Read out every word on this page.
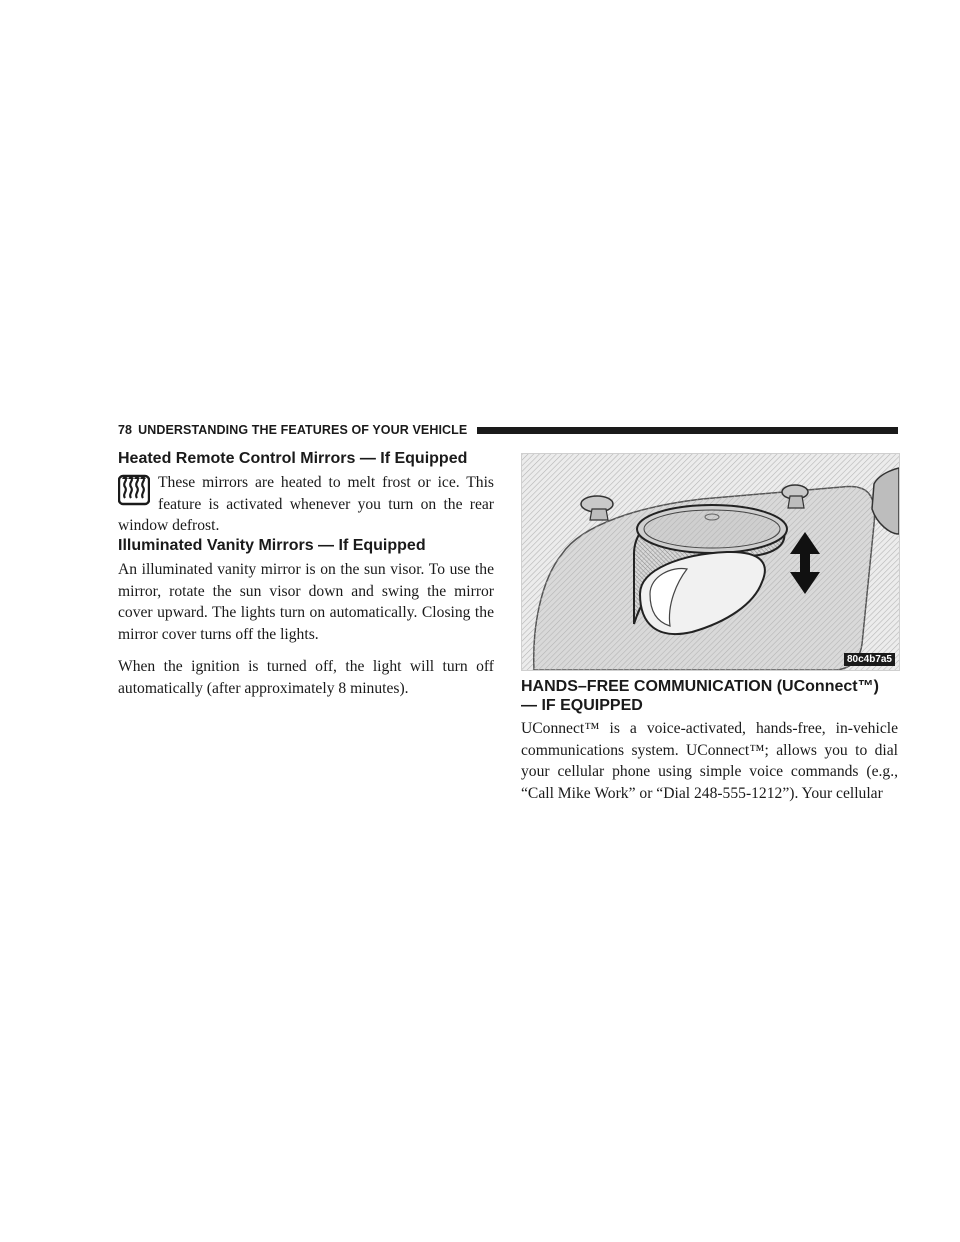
78 UNDERSTANDING THE FEATURES OF YOUR VEHICLE
Heated Remote Control Mirrors — If Equipped

These mirrors are heated to melt frost or ice. This feature is activated whenever you turn on the rear window defrost.

Illuminated Vanity Mirrors — If Equipped

An illuminated vanity mirror is on the sun visor. To use the mirror, rotate the sun visor down and swing the mirror cover upward. The lights turn on automatically. Closing the mirror cover turns off the lights.

When the ignition is turned off, the light will turn off automatically (after approximately 8 minutes).

80c4b7a5
HANDS–FREE COMMUNICATION (UConnect™) — IF EQUIPPED

UConnect™ is a voice-activated, hands-free, in-vehicle communications system. UConnect™; allows you to dial your cellular phone using simple voice commands (e.g., “Call Mike Work” or “Dial 248-555-1212”). Your cellular
